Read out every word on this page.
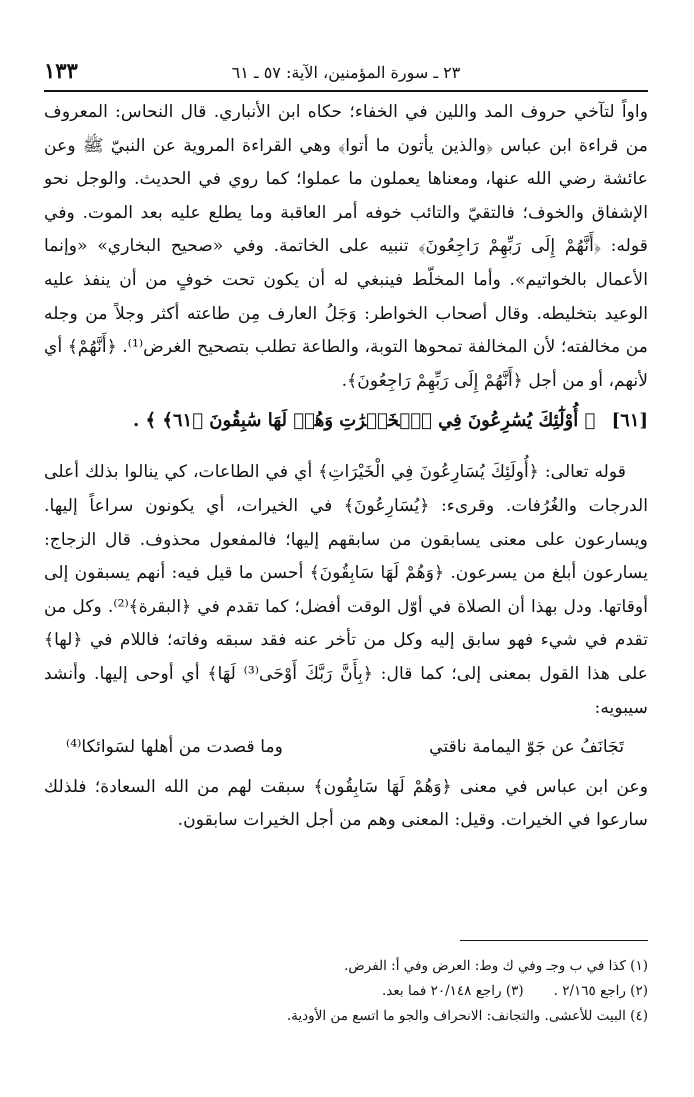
١٣٣	٢٣ ـ سورة المؤمنين، الآية: ٥٧ ـ ٦١

واواً لتآخي حروف المد واللين في الخفاء؛ حكاه ابن الأنباري. قال النحاس: المعروف من قراءة ابن عباس ﴿والذين يأتون ما أتوا﴾ وهي القراءة المروية عن النبيّ ﷺ وعن عائشة رضي الله عنها، ومعناها يعملون ما عملوا؛ كما روي في الحديث. والوجل نحو الإشفاق والخوف؛ فالتقيّ والتائب خوفه أمر العاقبة وما يطلع عليه بعد الموت. وفي قوله: ﴿أَنَّهُمْ إِلَى رَبِّهِمْ رَاجِعُونَ﴾ تنبيه على الخاتمة. وفي «صحيح البخاري» «وإنما الأعمال بالخواتيم». وأما المخلّط فينبغي له أن يكون تحت خوفٍ من أن ينفذ عليه الوعيد بتخليطه. وقال أصحاب الخواطر: وَجَلُ العارف مِن طاعته أكثر وجلاً من وجله من مخالفته؛ لأن المخالفة تمحوها التوبة، والطاعة تطلب بتصحيح الغرض⁽¹⁾. ﴿أَنَّهُمْ﴾ أي لأنهم، أو من أجل ﴿أَنَّهُمْ إِلَى رَبِّهِمْ رَاجِعُونَ﴾.

[٦١] ﴿ أُوْلَٰٓئِكَ يُسَٰرِعُونَ فِي ٱلۡخَيۡرَٰتِ وَهُمۡ لَهَا سَٰبِقُونَ ﴿٦١﴾ ﴾ .

قوله تعالى: ﴿أُولَئِكَ يُسَارِعُونَ فِي الْخَيْرَاتِ﴾ أي في الطاعات، كي ينالوا بذلك أعلى الدرجات والغُرُفات. وقرىء: ﴿يُسَارِعُونَ﴾ في الخيرات، أي يكونون سراعاً إليها. ويسارعون على معنى يسابقون من سابقهم إليها؛ فالمفعول محذوف. قال الزجاج: يسارعون أبلغ من يسرعون. ﴿وَهُمْ لَهَا سَابِقُونَ﴾ أحسن ما قيل فيه: أنهم يسبقون إلى أوقاتها. ودل بهذا أن الصلاة في أوّل الوقت أفضل؛ كما تقدم في ﴿البقرة﴾⁽²⁾. وكل من تقدم في شيء فهو سابق إليه وكل من تأخر عنه فقد سبقه وفاته؛ فاللام في ﴿لها﴾ على هذا القول بمعنى إلى؛ كما قال: ﴿بِأَنَّ رَبَّكَ أَوْحَى⁽³⁾ لَهَا﴾ أي أوحى إليها. وأنشد سيبويه:

تَجَانَفُ عن جَوّ اليمامة ناقتي
وما قصدت من أهلها لسَوائكا⁽⁴⁾

وعن ابن عباس في معنى ﴿وَهُمْ لَهَا سَابِقُون﴾ سبقت لهم من الله السعادة؛ فلذلك سارعوا في الخيرات. وقيل: المعنى وهم من أجل الخيرات سابقون.

(١) كذا في ب وجـ وفي ك وط: العرض وفي أ: الفرض.

(٢) راجع ٢/١٦٥ .
(٣) راجع ٢٠/١٤٨ فما بعد.

(٤) البيت للأعشى. والتجانف: الانحراف والجو ما اتسع من الأودية.
